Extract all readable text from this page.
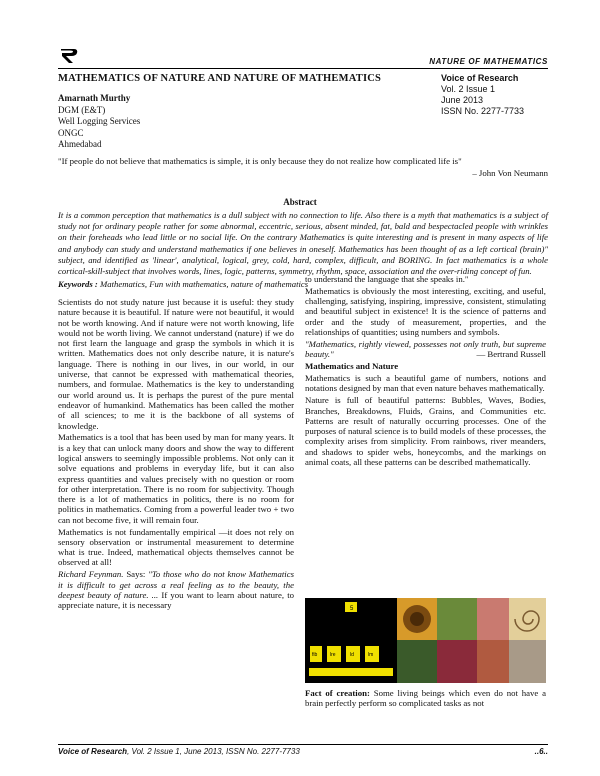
NATURE OF MATHEMATICS
MATHEMATICS OF NATURE AND NATURE OF MATHEMATICS	Voice of Research
Vol. 2 Issue 1
June 2013
ISSN No. 2277-7733
Amarnath Murthy
DGM (E&T)
Well Logging Services
ONGC
Ahmedabad
"If people do not believe that mathematics is simple, it is only because they do not realize how complicated life is"
– John Von Neumann
Abstract
It is a common perception that mathematics is a dull subject with no connection to life. Also there is a myth that mathematics is a subject of study not for ordinary people rather for some abnormal, eccentric, serious, absent minded, fat, bald and bespectacled people with wrinkles on their foreheads who lead little or no social life. On the contrary Mathematics is quite interesting and is present in many aspects of life and anybody can study and understand mathematics if one believes in oneself. Mathematics has been thought of as a left cortical (brain)" subject, and identified as 'linear', analytical, logical, grey, cold, hard, complex, difficult, and BORING. In fact mathematics is a whole cortical-skill-subject that involves words, lines, logic, patterns, symmetry, rhythm, space, association and the over-riding concept of fun.
Keywords : Mathematics, Fun with mathematics, nature of mathematics

Scientists do not study nature just because it is useful: they study nature because it is beautiful. If nature were not beautiful, it would not be worth knowing. And if nature were not worth knowing, life would not be worth living. We cannot understand (nature) if we do not first learn the language and grasp the symbols in which it is written. Mathematics does not only describe nature, it is nature's language. There is nothing in our lives, in our world, in our universe, that cannot be expressed with mathematical theories, numbers, and formulae. Mathematics is the key to understanding our world around us. It is perhaps the purest of the pure mental endeavor of humankind. Mathematics has been called the mother of all sciences; to me it is the backbone of all systems of knowledge.

Mathematics is a tool that has been used by man for many years. It is a key that can unlock many doors and show the way to different logical answers to seemingly impossible problems. Not only can it solve equations and problems in everyday life, but it can also express quantities and values precisely with no question or room for other interpretation. There is no room for subjectivity. Though there is a lot of mathematics in politics, there is no room for politics in mathematics. Coming from a powerful leader two + two can not become five, it will remain four.

Mathematics is not fundamentally empirical —it does not rely on sensory observation or instrumental measurement to determine what is true. Indeed, mathematical objects themselves cannot be observed at all!

Richard Feynman. Says: "To those who do not know Mathematics it is difficult to get across a real feeling as to the beauty, the deepest beauty of nature. ... If you want to learn about nature, to appreciate nature, it is necessary

to understand the language that she speaks in."

Mathematics is obviously the most interesting, exciting, and useful, challenging, satisfying, inspiring, impressive, consistent, stimulating and beautiful subject in existence! It is the science of patterns and order and the study of measurement, properties, and the relationships of quantities; using numbers and symbols.

"Mathematics, rightly viewed, possesses not only truth, but supreme beauty."	— Bertrand Russell

Mathematics and Nature

Mathematics is such a beautiful game of numbers, notions and notations designed by man that even nature behaves mathematically.

Nature is full of beautiful patterns: Bubbles, Waves, Bodies, Branches, Breakdowns, Fluids, Grains, and Communities etc. Patterns are result of naturally occurring processes. One of the purposes of natural science is to build models of these processes, the complexity arises from simplicity. From rainbows, river meanders, and shadows to spider webs, honeycombs, and the markings on animal coats, all these patterns can be described mathematically.

5
fib	lre	ld	lm
Fact of creation: Some living beings which even do not have a brain perfectly perform so complicated tasks as not
Voice of Research, Vol. 2 Issue 1, June 2013, ISSN No. 2277-7733	..6..
